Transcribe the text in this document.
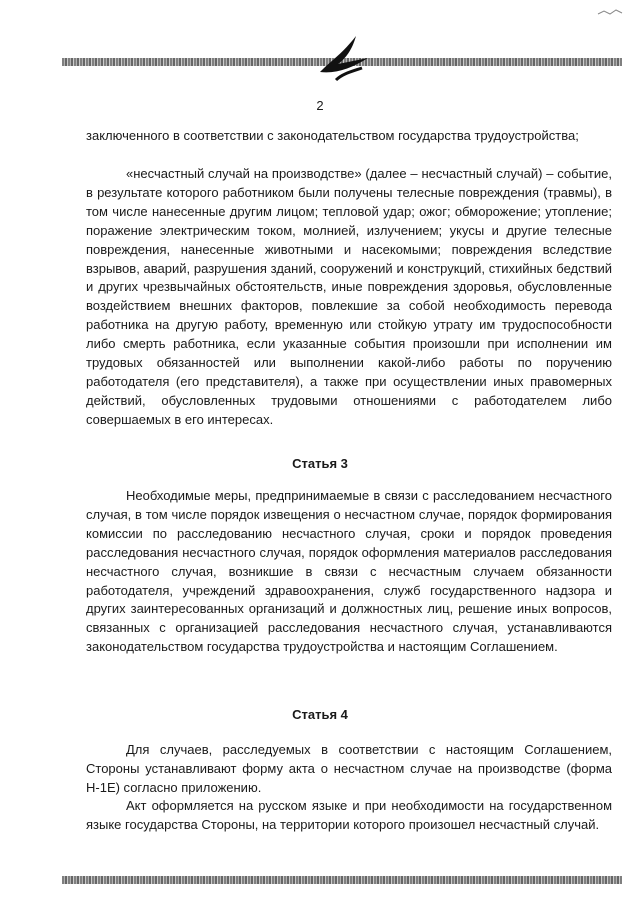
2

заключенного в соответствии с законодательством государства трудоустройства;

«несчастный случай на производстве» (далее – несчастный случай) – событие, в результате которого работником были получены телесные повреждения (травмы), в том числе нанесенные другим лицом; тепловой удар; ожог; обморожение; утопление; поражение электрическим током, молнией, излучением; укусы и другие телесные повреждения, нанесенные животными и насекомыми; повреждения вследствие взрывов, аварий, разрушения зданий, сооружений и конструкций, стихийных бедствий и других чрезвычайных обстоятельств, иные повреждения здоровья, обусловленные воздействием внешних факторов, повлекшие за собой необходимость перевода работника на другую работу, временную или стойкую утрату им трудоспособности либо смерть работника, если указанные события произошли при исполнении им трудовых обязанностей или выполнении какой-либо работы по поручению работодателя (его представителя), а также при осуществлении иных правомерных действий, обусловленных трудовыми отношениями с работодателем либо совершаемых в его интересах.

Статья 3

Необходимые меры, предпринимаемые в связи с расследованием несчастного случая, в том числе порядок извещения о несчастном случае, порядок формирования комиссии по расследованию несчастного случая, сроки и порядок проведения расследования несчастного случая, порядок оформления материалов расследования несчастного случая, возникшие в связи с несчастным случаем обязанности работодателя, учреждений здравоохранения, служб государственного надзора и других заинтересованных организаций и должностных лиц, решение иных вопросов, связанных с организацией расследования несчастного случая, устанавливаются законодательством государства трудоустройства и настоящим Соглашением.

Статья 4

Для случаев, расследуемых в соответствии с настоящим Соглашением, Стороны устанавливают форму акта о несчастном случае на производстве (форма Н-1Е) согласно приложению.

Акт оформляется на русском языке и при необходимости на государственном языке государства Стороны, на территории которого произошел несчастный случай.
